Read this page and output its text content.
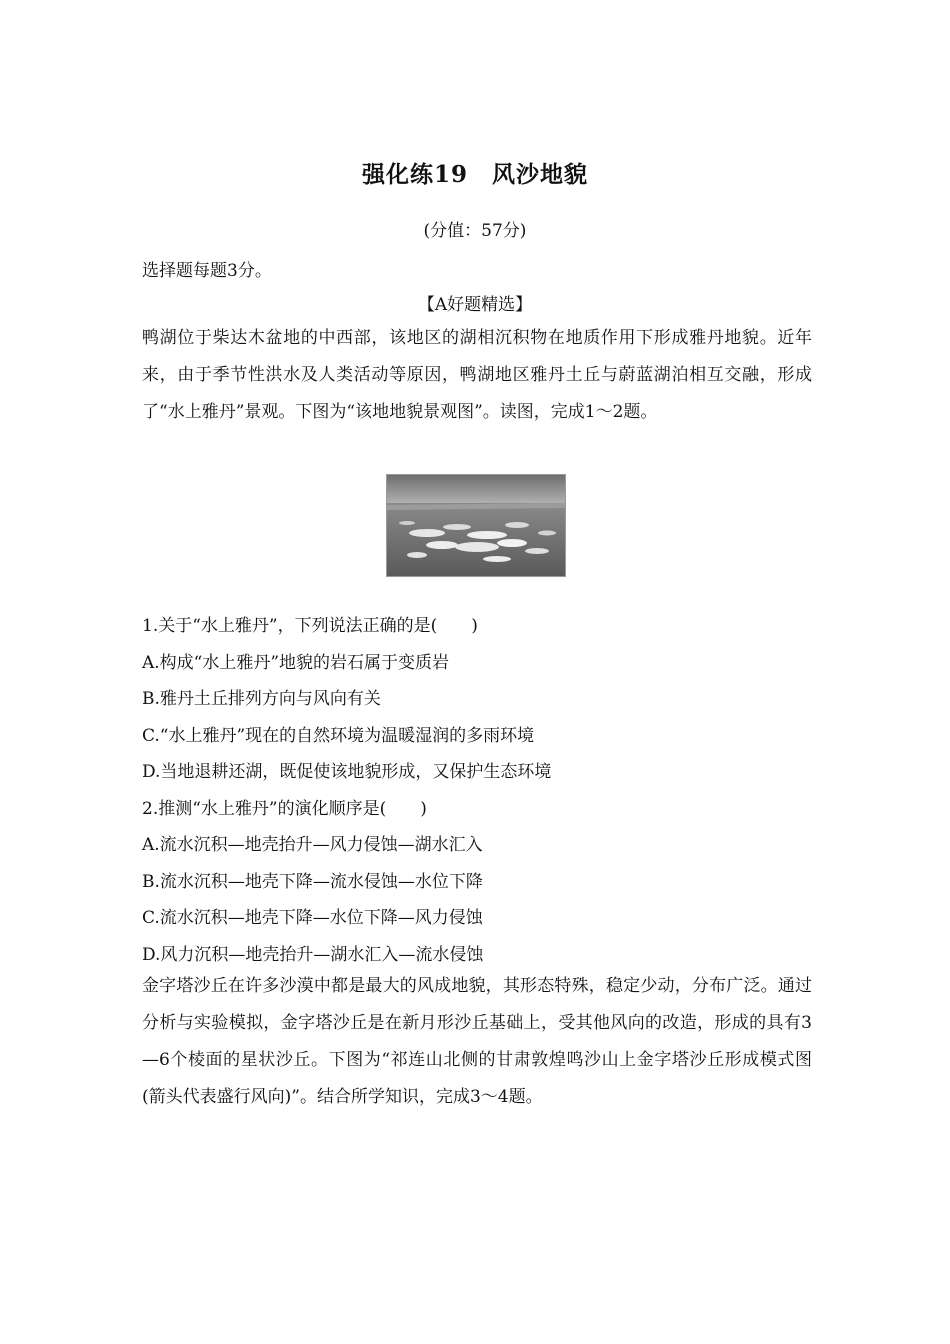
强化练19　风沙地貌
(分值：57分)
选择题每题3分。
【A好题精选】
鸭湖位于柴达木盆地的中西部，该地区的湖相沉积物在地质作用下形成雅丹地貌。近年来，由于季节性洪水及人类活动等原因，鸭湖地区雅丹土丘与蔚蓝湖泊相互交融，形成了“水上雅丹”景观。下图为“该地地貌景观图”。读图，完成1～2题。
1.关于“水上雅丹”，下列说法正确的是(　　)
A.构成“水上雅丹”地貌的岩石属于变质岩
B.雅丹土丘排列方向与风向有关
C.“水上雅丹”现在的自然环境为温暖湿润的多雨环境
D.当地退耕还湖，既促使该地貌形成，又保护生态环境
2.推测“水上雅丹”的演化顺序是(　　)
A.流水沉积—地壳抬升—风力侵蚀—湖水汇入
B.流水沉积—地壳下降—流水侵蚀—水位下降
C.流水沉积—地壳下降—水位下降—风力侵蚀
D.风力沉积—地壳抬升—湖水汇入—流水侵蚀
金字塔沙丘在许多沙漠中都是最大的风成地貌，其形态特殊，稳定少动，分布广泛。通过分析与实验模拟，金字塔沙丘是在新月形沙丘基础上，受其他风向的改造，形成的具有3—6个棱面的星状沙丘。下图为“祁连山北侧的甘肃敦煌鸣沙山上金字塔沙丘形成模式图(箭头代表盛行风向)”。结合所学知识，完成3～4题。
